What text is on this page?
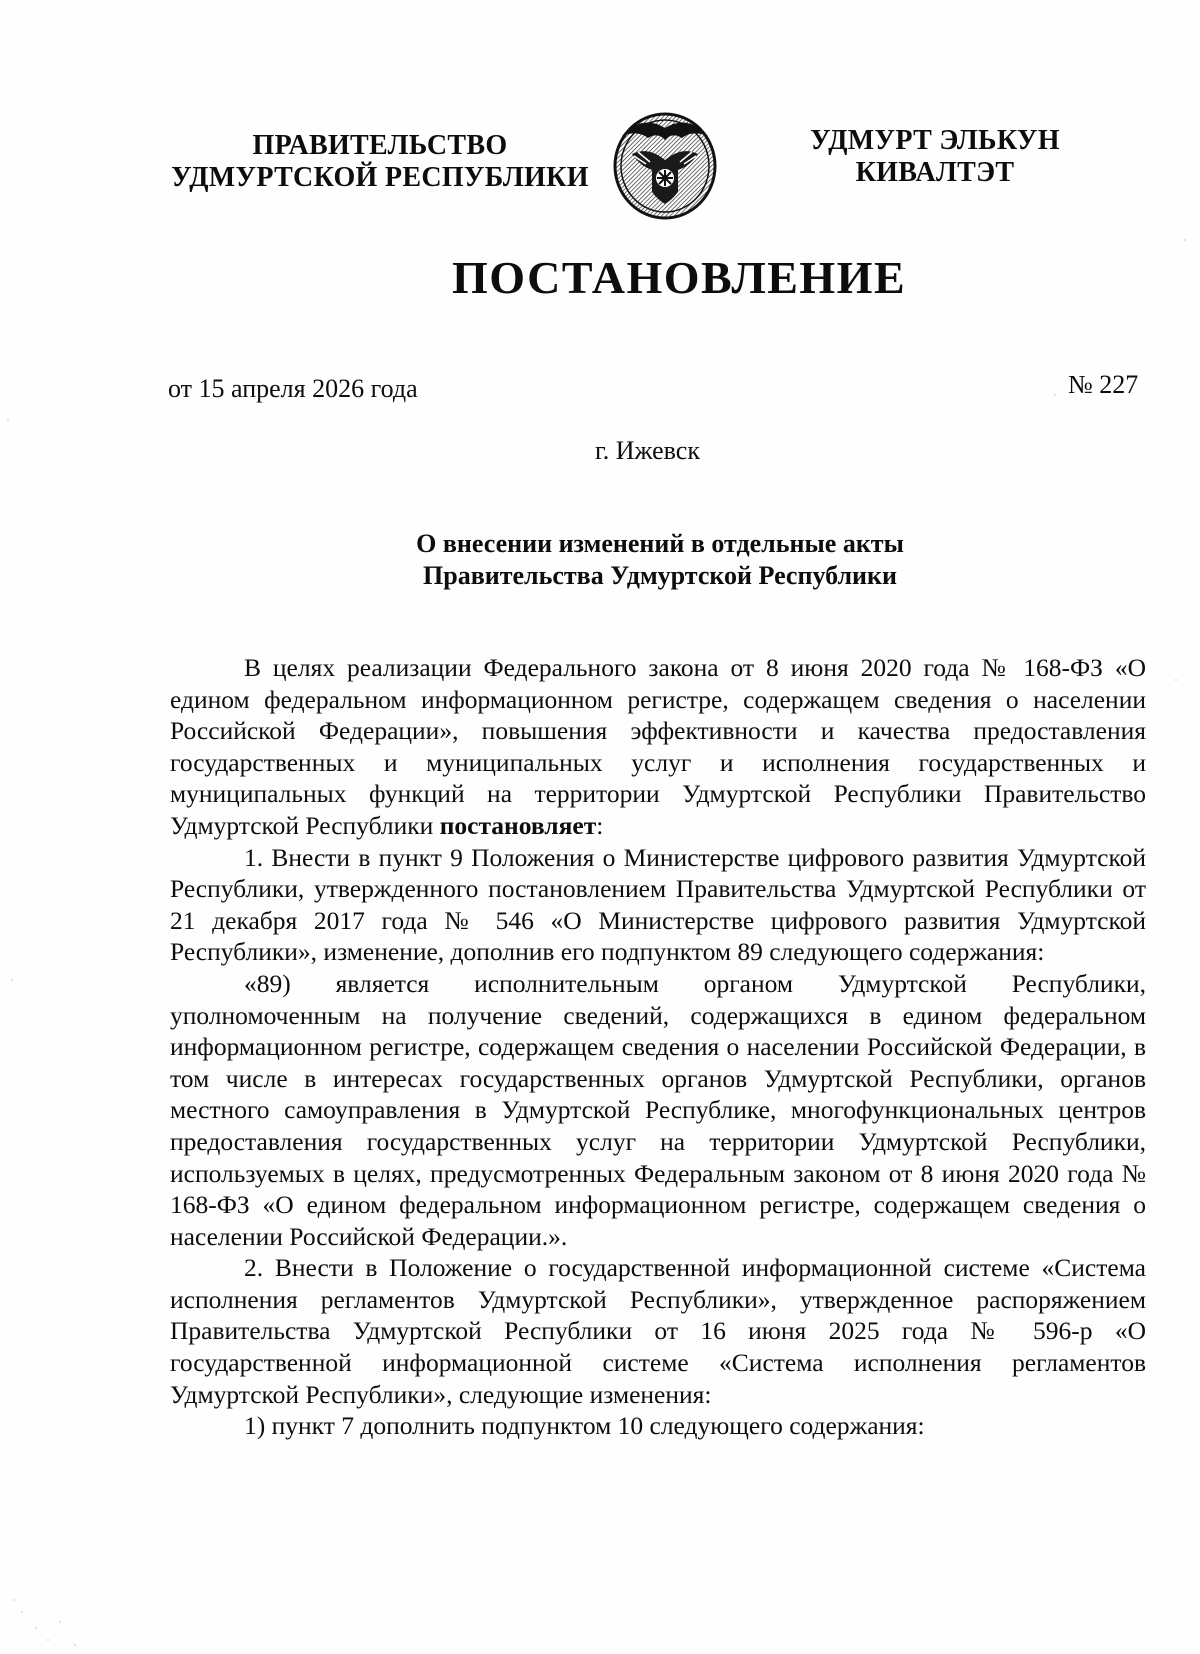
ПРАВИТЕЛЬСТВО
УДМУРТСКОЙ РЕСПУБЛИКИ
УДМУРТ ЭЛЬКУН
КИВАЛТЭТ
ПОСТАНОВЛЕНИЕ
от 15 апреля 2026 года	№ 227
г. Ижевск
О внесении изменений в отдельные акты
Правительства Удмуртской Республики

В целях реализации Федерального закона от 8 июня 2020 года № 168-ФЗ «О едином федеральном информационном регистре, содержащем сведения о населении Российской Федерации», повышения эффективности и качества предоставления государственных и муниципальных услуг и исполнения государственных и муниципальных функций на территории Удмуртской Республики Правительство Удмуртской Республики постановляет:

1. Внести в пункт 9 Положения о Министерстве цифрового развития Удмуртской Республики, утвержденного постановлением Правительства Удмуртской Республики от 21 декабря 2017 года № 546 «О Министерстве цифрового развития Удмуртской Республики», изменение, дополнив его подпунктом 89 следующего содержания:

«89) является исполнительным органом Удмуртской Республики, уполномоченным на получение сведений, содержащихся в едином федеральном информационном регистре, содержащем сведения о населении Российской Федерации, в том числе в интересах государственных органов Удмуртской Республики, органов местного самоуправления в Удмуртской Республике, многофункциональных центров предоставления государственных услуг на территории Удмуртской Республики, используемых в целях, предусмотренных Федеральным законом от 8 июня 2020 года № 168-ФЗ «О едином федеральном информационном регистре, содержащем сведения о населении Российской Федерации.».

2. Внести в Положение о государственной информационной системе «Система исполнения регламентов Удмуртской Республики», утвержденное распоряжением Правительства Удмуртской Республики от 16 июня 2025 года № 596-р «О государственной информационной системе «Система исполнения регламентов Удмуртской Республики», следующие изменения:

1) пункт 7 дополнить подпунктом 10 следующего содержания:
